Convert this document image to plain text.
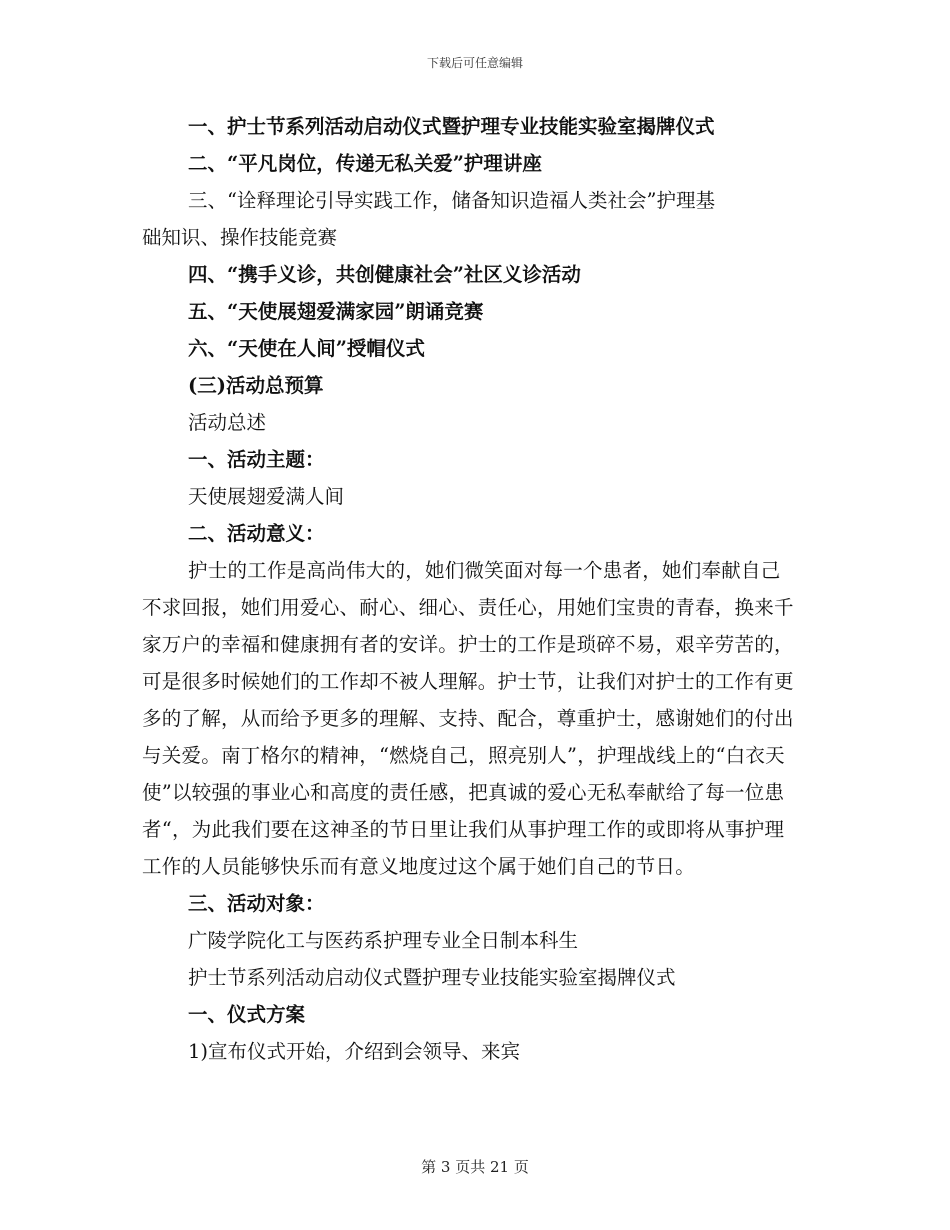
下载后可任意编辑
一、护士节系列活动启动仪式暨护理专业技能实验室揭牌仪式
二、“平凡岗位，传递无私关爱”护理讲座
三、“诠释理论引导实践工作，储备知识造福人类社会”护理基
础知识、操作技能竞赛
四、“携手义诊，共创健康社会”社区义诊活动
五、“天使展翅爱满家园”朗诵竞赛
六、“天使在人间”授帽仪式
(三)活动总预算
活动总述
一、活动主题：
天使展翅爱满人间
二、活动意义：
护士的工作是高尚伟大的，她们微笑面对每一个患者，她们奉献自己不求回报，她们用爱心、耐心、细心、责任心，用她们宝贵的青春，换来千家万户的幸福和健康拥有者的安详。护士的工作是琐碎不易，艰辛劳苦的，可是很多时候她们的工作却不被人理解。护士节，让我们对护士的工作有更多的了解，从而给予更多的理解、支持、配合，尊重护士，感谢她们的付出与关爱。南丁格尔的精神，“燃烧自己，照亮别人”，护理战线上的“白衣天使”以较强的事业心和高度的责任感，把真诚的爱心无私奉献给了每一位患者“，为此我们要在这神圣的节日里让我们从事护理工作的或即将从事护理工作的人员能够快乐而有意义地度过这个属于她们自己的节日。
三、活动对象：
广陵学院化工与医药系护理专业全日制本科生
护士节系列活动启动仪式暨护理专业技能实验室揭牌仪式
一、仪式方案
1)宣布仪式开始，介绍到会领导、来宾
第 3 页共 21 页
